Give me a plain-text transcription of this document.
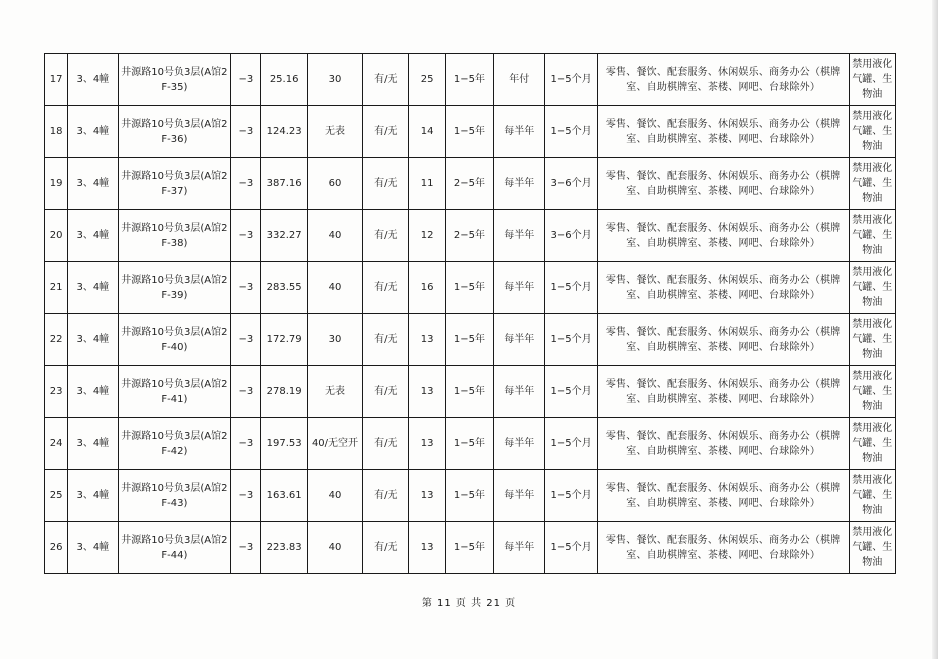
17	3、4幢	井源路10号负3层(A馆2F-35)	−3	25.16	30	有/无	25	1−5年	年付	1−5个月	零售、餐饮、配套服务、休闲娱乐、商务办公（棋牌室、自助棋牌室、茶楼、网吧、台球除外）	禁用液化气罐、生物油
18	3、4幢	井源路10号负3层(A馆2F-36)	−3	124.23	无表	有/无	14	1−5年	每半年	1−5个月	零售、餐饮、配套服务、休闲娱乐、商务办公（棋牌室、自助棋牌室、茶楼、网吧、台球除外）	禁用液化气罐、生物油
19	3、4幢	井源路10号负3层(A馆2F-37)	−3	387.16	60	有/无	11	2−5年	每半年	3−6个月	零售、餐饮、配套服务、休闲娱乐、商务办公（棋牌室、自助棋牌室、茶楼、网吧、台球除外）	禁用液化气罐、生物油
20	3、4幢	井源路10号负3层(A馆2F-38)	−3	332.27	40	有/无	12	2−5年	每半年	3−6个月	零售、餐饮、配套服务、休闲娱乐、商务办公（棋牌室、自助棋牌室、茶楼、网吧、台球除外）	禁用液化气罐、生物油
21	3、4幢	井源路10号负3层(A馆2F-39)	−3	283.55	40	有/无	16	1−5年	每半年	1−5个月	零售、餐饮、配套服务、休闲娱乐、商务办公（棋牌室、自助棋牌室、茶楼、网吧、台球除外）	禁用液化气罐、生物油
22	3、4幢	井源路10号负3层(A馆2F-40)	−3	172.79	30	有/无	13	1−5年	每半年	1−5个月	零售、餐饮、配套服务、休闲娱乐、商务办公（棋牌室、自助棋牌室、茶楼、网吧、台球除外）	禁用液化气罐、生物油
23	3、4幢	井源路10号负3层(A馆2F-41)	−3	278.19	无表	有/无	13	1−5年	每半年	1−5个月	零售、餐饮、配套服务、休闲娱乐、商务办公（棋牌室、自助棋牌室、茶楼、网吧、台球除外）	禁用液化气罐、生物油
24	3、4幢	井源路10号负3层(A馆2F-42)	−3	197.53	40/无空开	有/无	13	1−5年	每半年	1−5个月	零售、餐饮、配套服务、休闲娱乐、商务办公（棋牌室、自助棋牌室、茶楼、网吧、台球除外）	禁用液化气罐、生物油
25	3、4幢	井源路10号负3层(A馆2F-43)	−3	163.61	40	有/无	13	1−5年	每半年	1−5个月	零售、餐饮、配套服务、休闲娱乐、商务办公（棋牌室、自助棋牌室、茶楼、网吧、台球除外）	禁用液化气罐、生物油
26	3、4幢	井源路10号负3层(A馆2F-44)	−3	223.83	40	有/无	13	1−5年	每半年	1−5个月	零售、餐饮、配套服务、休闲娱乐、商务办公（棋牌室、自助棋牌室、茶楼、网吧、台球除外）	禁用液化气罐、生物油
第 11 页 共 21 页
